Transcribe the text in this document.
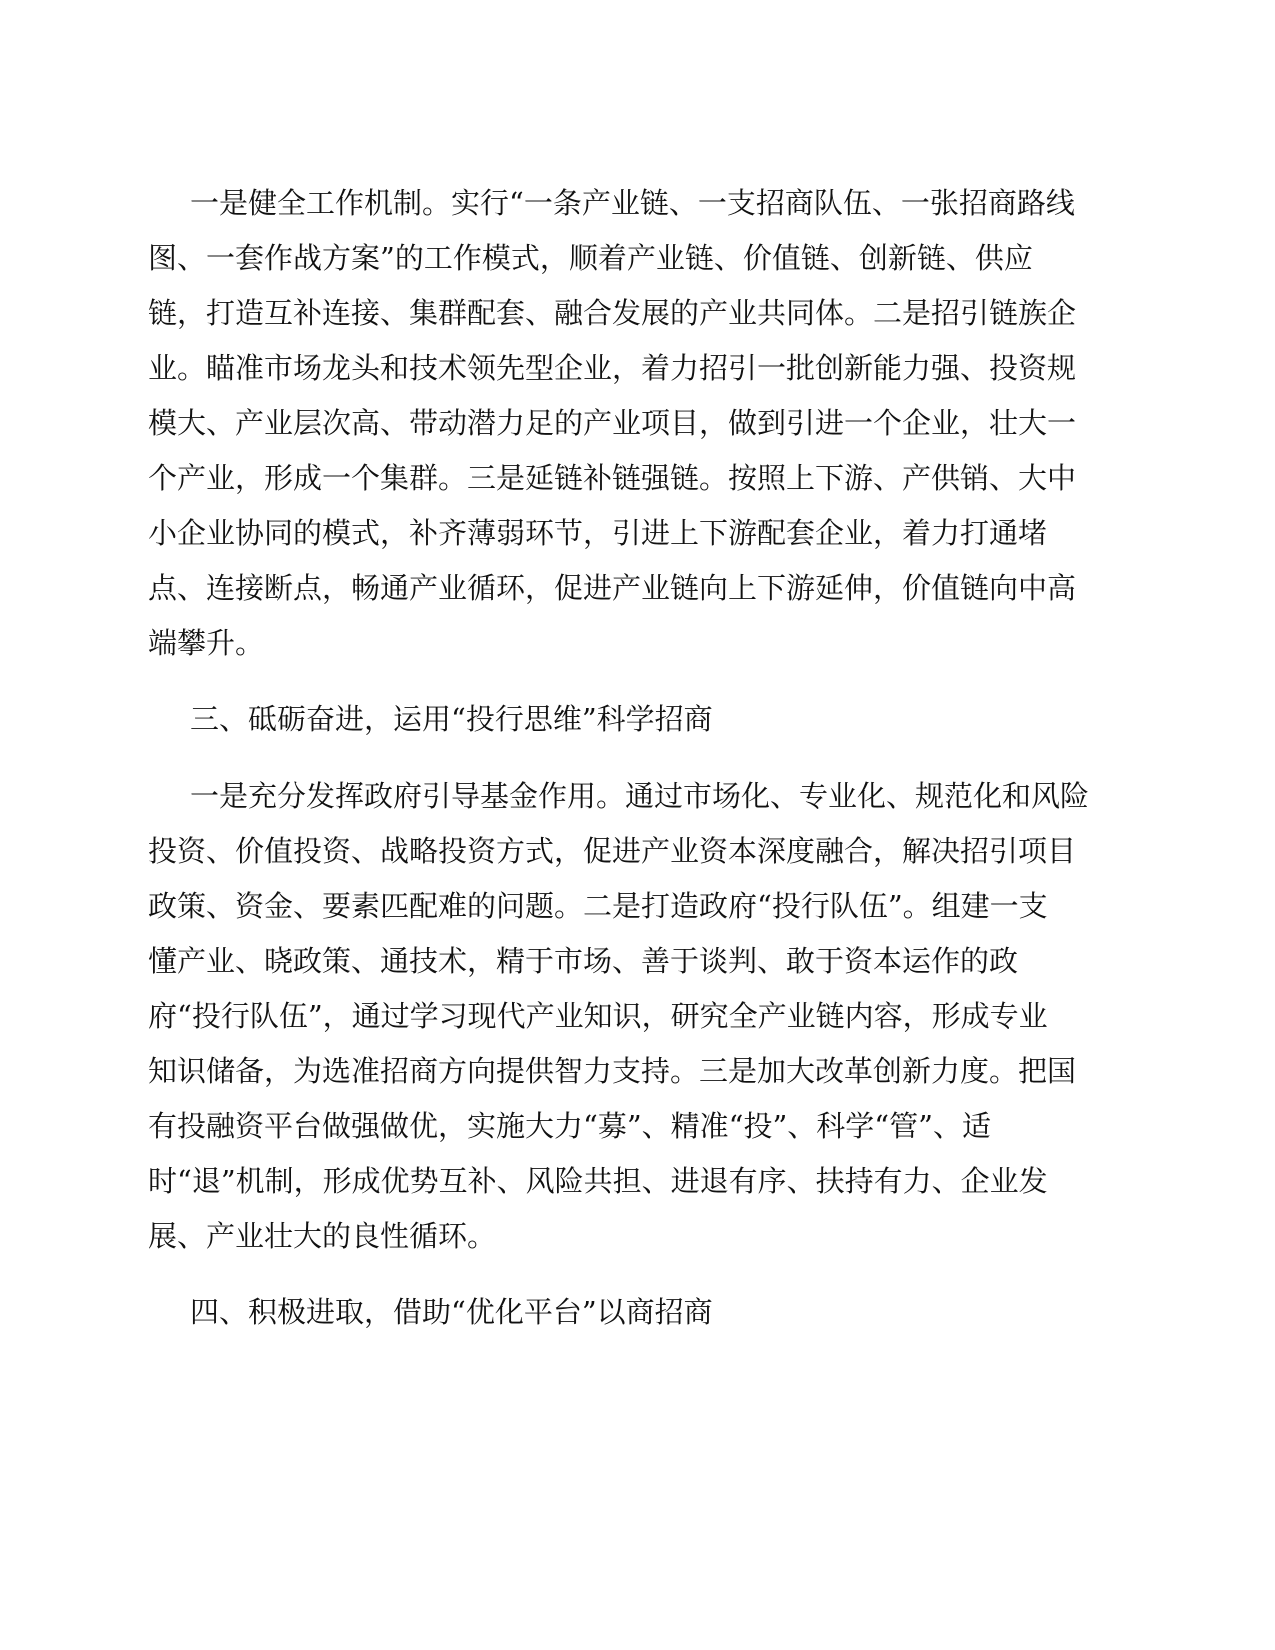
一是健全工作机制。实行“一条产业链、一支招商队伍、一张招商路线

图、一套作战方案”的工作模式，顺着产业链、价值链、创新链、供应

链，打造互补连接、集群配套、融合发展的产业共同体。二是招引链族企

业。瞄准市场龙头和技术领先型企业，着力招引一批创新能力强、投资规

模大、产业层次高、带动潜力足的产业项目，做到引进一个企业，壮大一

个产业，形成一个集群。三是延链补链强链。按照上下游、产供销、大中

小企业协同的模式，补齐薄弱环节，引进上下游配套企业，着力打通堵

点、连接断点，畅通产业循环，促进产业链向上下游延伸，价值链向中高

端攀升。

三、砥砺奋进，运用“投行思维”科学招商

一是充分发挥政府引导基金作用。通过市场化、专业化、规范化和风险

投资、价值投资、战略投资方式，促进产业资本深度融合，解决招引项目

政策、资金、要素匹配难的问题。二是打造政府“投行队伍”。组建一支

懂产业、晓政策、通技术，精于市场、善于谈判、敢于资本运作的政

府“投行队伍”，通过学习现代产业知识，研究全产业链内容，形成专业

知识储备，为选准招商方向提供智力支持。三是加大改革创新力度。把国

有投融资平台做强做优，实施大力“募”、精准“投”、科学“管”、适

时“退”机制，形成优势互补、风险共担、进退有序、扶持有力、企业发

展、产业壮大的良性循环。

四、积极进取，借助“优化平台”以商招商
